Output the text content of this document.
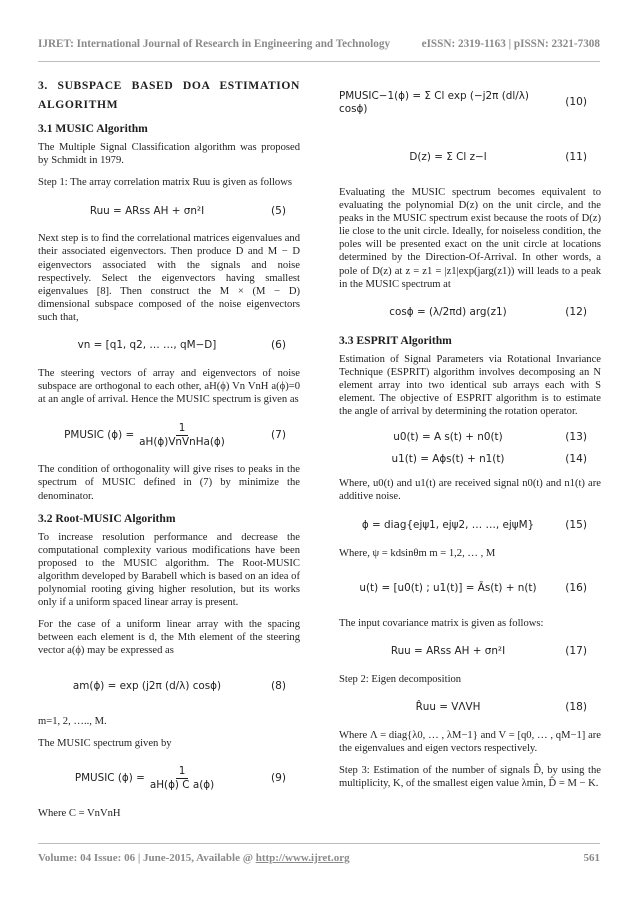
IJRET: International Journal of Research in Engineering and Technology	eISSN: 2319-1163 | pISSN: 2321-7308
3. SUBSPACE BASED DOA ESTIMATION ALGORITHM
3.1 MUSIC Algorithm

The Multiple Signal Classification algorithm was proposed by Schmidt in 1979.

Step 1: The array correlation matrix Ruu is given as follows

Ruu = ARss AH + σn²I	(5)

Next step is to find the correlational matrices eigenvalues and their associated eigenvectors. Then produce D and M − D eigenvectors associated with the signals and noise respectively. Select the eigenvectors having smallest eigenvalues [8]. Then construct the M × (M − D) dimensional subspace composed of the noise eigenvectors such that,

vn = [q1, q2, … …, qM−D]	(6)

The steering vectors of array and eigenvectors of noise subspace are orthogonal to each other, aH(ϕ) Vn VnH a(ϕ)=0 at an angle of arrival. Hence the MUSIC spectrum is given as

PMUSIC $(\phi) = \frac{1}{\text{aH(ϕ)VnVnHa(ϕ)}}$	(7)

The condition of orthogonality will give rises to peaks in the spectrum of MUSIC defined in (7) by minimize the denominator.

3.2 Root-MUSIC Algorithm

To increase resolution performance and decrease the computational complexity various modifications have been proposed to the MUSIC algorithm. The Root-MUSIC algorithm developed by Barabell which is based on an idea of polynomial rooting giving higher resolution, but its works only if a uniform spaced linear array is present.

For the case of a uniform linear array with the spacing between each element is d, the Mth element of the steering vector a(ϕ) may be expressed as

am(ϕ) = exp (j2π (d/λ) cosϕ)	(8)

m=1, 2, ….., M.

The MUSIC spectrum given by

PMUSIC $(\phi) = \frac{1}{\text{aH(ϕ) C a(ϕ)}}$	(9)

Where C = VnVnH

PMUSIC−1(ϕ) = Σ Cl exp (−j2π (dl/λ) cosϕ)
(10)
D(z) = Σ Cl z−l	(11)

Evaluating the MUSIC spectrum becomes equivalent to evaluating the polynomial D(z) on the unit circle, and the peaks in the MUSIC spectrum exist because the roots of D(z) lie close to the unit circle. Ideally, for noiseless condition, the poles will be presented exact on the unit circle at locations determined by the Direction-Of-Arrival. In other words, a pole of D(z) at z = z1 = |z1|exp(jarg(z1)) will leads to a peak in the MUSIC spectrum at

cosϕ = (λ/2πd) arg(z1)	(12)
3.3 ESPRIT Algorithm

Estimation of Signal Parameters via Rotational Invariance Technique (ESPRIT) algorithm involves decomposing an N element array into two identical sub arrays each with S element. The objective of ESPRIT algorithm is to estimate the angle of arrival by determining the rotation operator.

u0(t) = A s(t) + n0(t)	(13)
u1(t) = Aϕs(t) + n1(t)	(14)

Where, u0(t) and u1(t) are received signal n0(t) and n1(t) are additive noise.

ϕ = diag{ejψ1, ejψ2, … …, ejψM}	(15)

Where, ψ = kdsinθm m = 1,2, … , M

u(t) = [u0(t) ; u1(t)] = Ās(t) + n(t)	(16)

The input covariance matrix is given as follows:

Ruu = ARss AH + σn²I	(17)

Step 2: Eigen decomposition

R̂uu = VΛVH	(18)

Where Λ = diag{λ0, … , λM−1} and V = [q0, … , qM−1] are the eigenvalues and eigen vectors respectively.

Step 3: Estimation of the number of signals D̂, by using the multiplicity, K, of the smallest eigen value λmin, D̂ = M − K.

Volume: 04 Issue: 06 | June-2015, Available @ http://www.ijret.org	561
